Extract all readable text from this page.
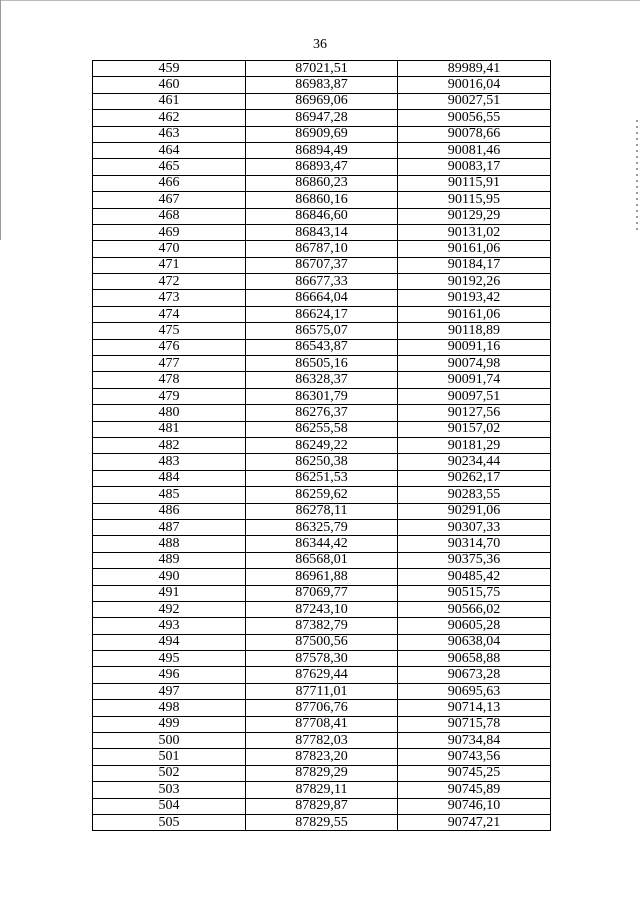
36
459	87021,51	89989,41
460	86983,87	90016,04
461	86969,06	90027,51
462	86947,28	90056,55
463	86909,69	90078,66
464	86894,49	90081,46
465	86893,47	90083,17
466	86860,23	90115,91
467	86860,16	90115,95
468	86846,60	90129,29
469	86843,14	90131,02
470	86787,10	90161,06
471	86707,37	90184,17
472	86677,33	90192,26
473	86664,04	90193,42
474	86624,17	90161,06
475	86575,07	90118,89
476	86543,87	90091,16
477	86505,16	90074,98
478	86328,37	90091,74
479	86301,79	90097,51
480	86276,37	90127,56
481	86255,58	90157,02
482	86249,22	90181,29
483	86250,38	90234,44
484	86251,53	90262,17
485	86259,62	90283,55
486	86278,11	90291,06
487	86325,79	90307,33
488	86344,42	90314,70
489	86568,01	90375,36
490	86961,88	90485,42
491	87069,77	90515,75
492	87243,10	90566,02
493	87382,79	90605,28
494	87500,56	90638,04
495	87578,30	90658,88
496	87629,44	90673,28
497	87711,01	90695,63
498	87706,76	90714,13
499	87708,41	90715,78
500	87782,03	90734,84
501	87823,20	90743,56
502	87829,29	90745,25
503	87829,11	90745,89
504	87829,87	90746,10
505	87829,55	90747,21
